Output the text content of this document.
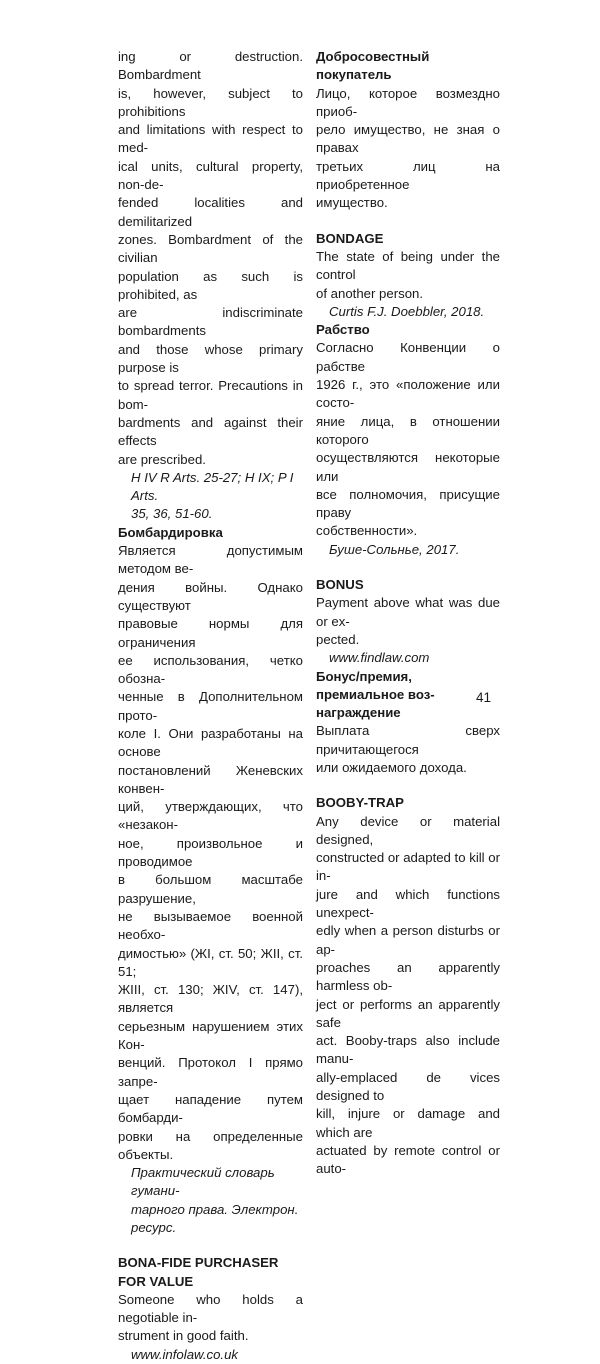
ing or destruction. Bombardment

is, however, subject to prohibitions

and limitations with respect to med-

ical units, cultural property, non-de-

fended localities and demilitarized

zones. Bombardment of the civilian

population as such is prohibited, as

are indiscriminate bombardments

and those whose primary purpose is

to spread terror. Precautions in bom-

bardments and against their effects

are prescribed.

H IV R Arts. 25-27; H IX; P I Arts.

35, 36, 51-60.

Бомбардировка

Является допустимым методом ве-

дения войны. Однако существуют

правовые нормы для ограничения

ее использования, четко обозна-

ченные в Дополнительном прото-

коле I. Они разработаны на основе

постановлений Женевских конвен-

ций, утверждающих, что «незакон-

ное, произвольное и проводимое

в большом масштабе разрушение,

не вызываемое военной необхо-

димостью» (ЖI, ст. 50; ЖII, ст. 51;

ЖIII, ст. 130; ЖIV, ст. 147), является

серьезным нарушением этих Кон-

венций. Протокол I прямо запре-

щает нападение путем бомбарди-

ровки на определенные объекты.

Практический словарь гумани-

тарного права. Электрон. ресурс.

BONA-FIDE PURCHASER FOR VALUE

Someone who holds a negotiable in-

strument in good faith.

www.infolaw.co.uk

Добросовестный покупатель

Лицо, которое возмездно приоб-

рело имущество, не зная о правах

третьих лиц на приобретенное

имущество.

BONDAGE

The state of being under the control

of another person.

Curtis F.J. Doebbler, 2018.

Рабство

Согласно Конвенции о рабстве

1926 г., это «положение или состо-

яние лица, в отношении которого

осуществляются некоторые или

все полномочия, присущие праву

собственности».

Буше-Сольнье, 2017.

BONUS

Payment above what was due or ex-

pected.

www.findlaw.com

Бонус/премия, премиальное воз-

награждение

Выплата сверх причитающегося

или ожидаемого дохода.

BOOBY-TRAP

Any device or material designed,

constructed or adapted to kill or in-

jure and which functions unexpect-

edly when a person disturbs or ap-

proaches an apparently harmless ob-

ject or performs an apparently safe

act. Booby-traps also include manu-

ally-emplaced de vices designed to

kill, injure or damage and which are

actuated by remote control or auto-

41
